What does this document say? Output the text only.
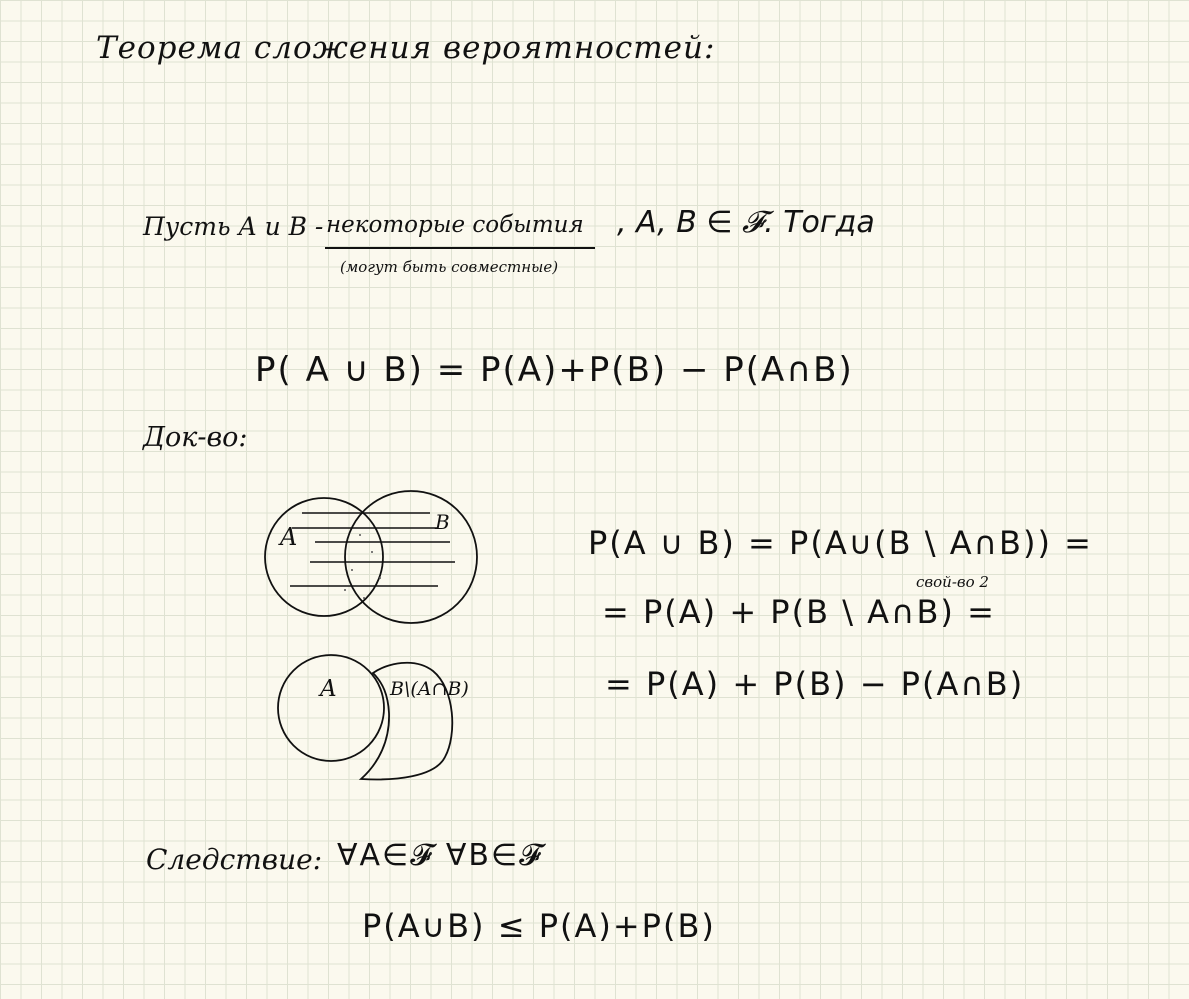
Теорема сложения вероятностей:
Пусть A и B - некоторые события
(могут быть совместные)
, A, B ∈ 𝓕. Тогда
P( A ∪ B) = P(A)+P(B) − P(A∩B)
Док-во:
A
B
A	B\(A∩B)
P(A ∪ B) = P(A∪(B \ A∩B)) =
свой-во 2
= P(A) + P(B \ A∩B) =
= P(A) + P(B) − P(A∩B)
Следствие: ∀A∈𝓕 ∀B∈𝓕
P(A∪B) ≤ P(A)+P(B)
